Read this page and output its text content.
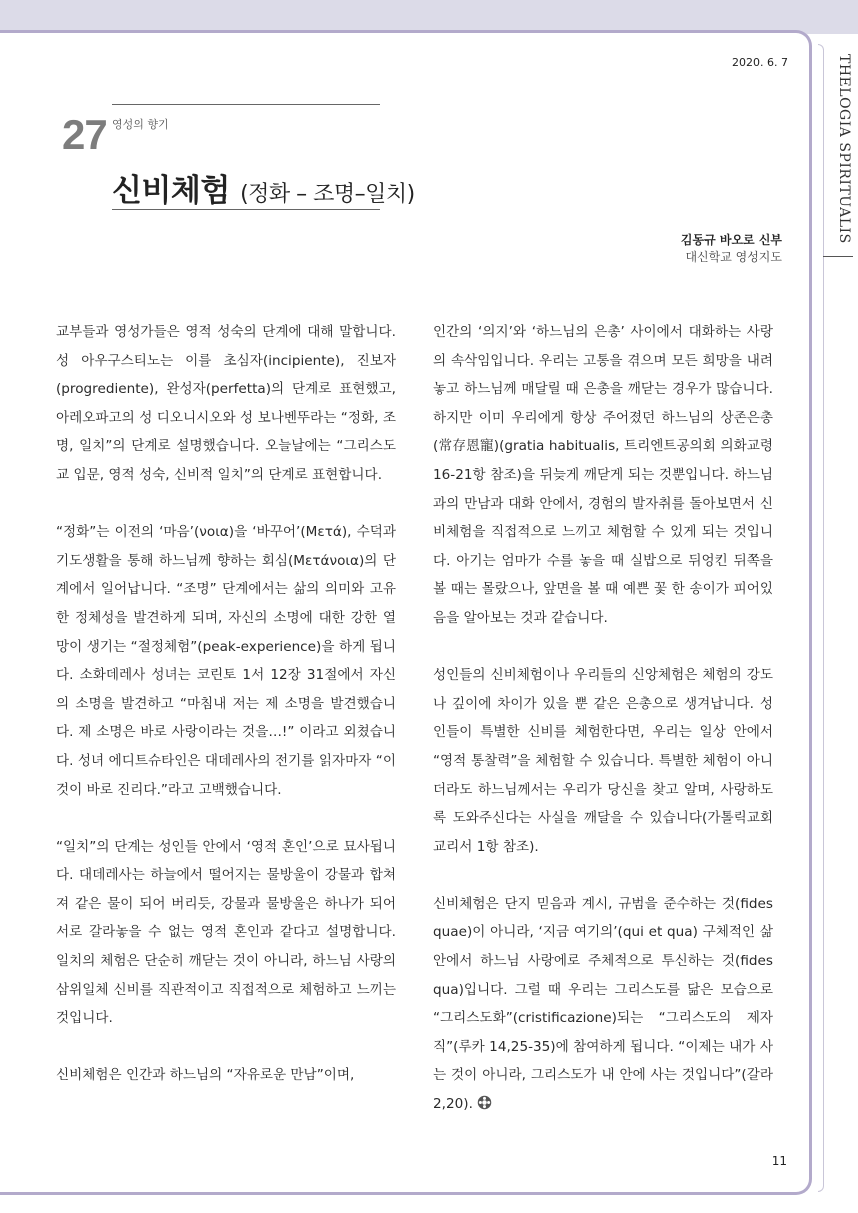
THELOGIA SPIRITUALIS
2020. 6. 7
27 영성의 향기
신비체험 (정화 – 조명–일치)
김동규 바오로 신부
대신학교 영성지도

교부들과 영성가들은 영적 성숙의 단계에 대해 말합니다. 성 아우구스티노는 이를 초심자(incipiente), 진보자(progrediente), 완성자(perfetta)의 단계로 표현했고, 아레오파고의 성 디오니시오와 성 보나벤뚜라는 “정화, 조명, 일치”의 단계로 설명했습니다. 오늘날에는 “그리스도교 입문, 영적 성숙, 신비적 일치”의 단계로 표현합니다.

“정화”는 이전의 ‘마음’(νοια)을 ‘바꾸어’(Μετά), 수덕과 기도생활을 통해 하느님께 향하는 회심(Μετάνοια)의 단계에서 일어납니다. “조명” 단계에서는 삶의 의미와 고유한 정체성을 발견하게 되며, 자신의 소명에 대한 강한 열망이 생기는 “절정체험”(peak-experience)을 하게 됩니다. 소화데레사 성녀는 코린토 1서 12장 31절에서 자신의 소명을 발견하고 “마침내 저는 제 소명을 발견했습니다. 제 소명은 바로 사랑이라는 것을…!” 이라고 외쳤습니다. 성녀 에디트슈타인은 대데레사의 전기를 읽자마자 “이것이 바로 진리다.”라고 고백했습니다.

“일치”의 단계는 성인들 안에서 ‘영적 혼인’으로 묘사됩니다. 대데레사는 하늘에서 떨어지는 물방울이 강물과 합쳐져 같은 물이 되어 버리듯, 강물과 물방울은 하나가 되어 서로 갈라놓을 수 없는 영적 혼인과 같다고 설명합니다. 일치의 체험은 단순히 깨닫는 것이 아니라, 하느님 사랑의 삼위일체 신비를 직관적이고 직접적으로 체험하고 느끼는 것입니다.

신비체험은 인간과 하느님의 “자유로운 만남”이며,

인간의 ‘의지’와 ‘하느님의 은총’ 사이에서 대화하는 사랑의 속삭임입니다. 우리는 고통을 겪으며 모든 희망을 내려놓고 하느님께 매달릴 때 은총을 깨닫는 경우가 많습니다. 하지만 이미 우리에게 항상 주어졌던 하느님의 상존은총(常存恩寵)(gratia habitualis, 트리엔트공의회 의화교령 16-21항 참조)을 뒤늦게 깨닫게 되는 것뿐입니다. 하느님과의 만남과 대화 안에서, 경험의 발자취를 돌아보면서 신비체험을 직접적으로 느끼고 체험할 수 있게 되는 것입니다. 아기는 엄마가 수를 놓을 때 실밥으로 뒤엉킨 뒤쪽을 볼 때는 몰랐으나, 앞면을 볼 때 예쁜 꽃 한 송이가 피어있음을 알아보는 것과 같습니다.

성인들의 신비체험이나 우리들의 신앙체험은 체험의 강도나 깊이에 차이가 있을 뿐 같은 은총으로 생겨납니다. 성인들이 특별한 신비를 체험한다면, 우리는 일상 안에서 “영적 통찰력”을 체험할 수 있습니다. 특별한 체험이 아니더라도 하느님께서는 우리가 당신을 찾고 알며, 사랑하도록 도와주신다는 사실을 깨달을 수 있습니다(가톨릭교회 교리서 1항 참조).

신비체험은 단지 믿음과 계시, 규범을 준수하는 것(fides quae)이 아니라, ‘지금 여기의’(qui et qua) 구체적인 삶 안에서 하느님 사랑에로 주체적으로 투신하는 것(fides qua)입니다. 그럴 때 우리는 그리스도를 닮은 모습으로 “그리스도화”(cristificazione)되는 “그리스도의 제자직”(루카 14,25-35)에 참여하게 됩니다. “이제는 내가 사는 것이 아니라, 그리스도가 내 안에 사는 것입니다”(갈라 2,20).

11
